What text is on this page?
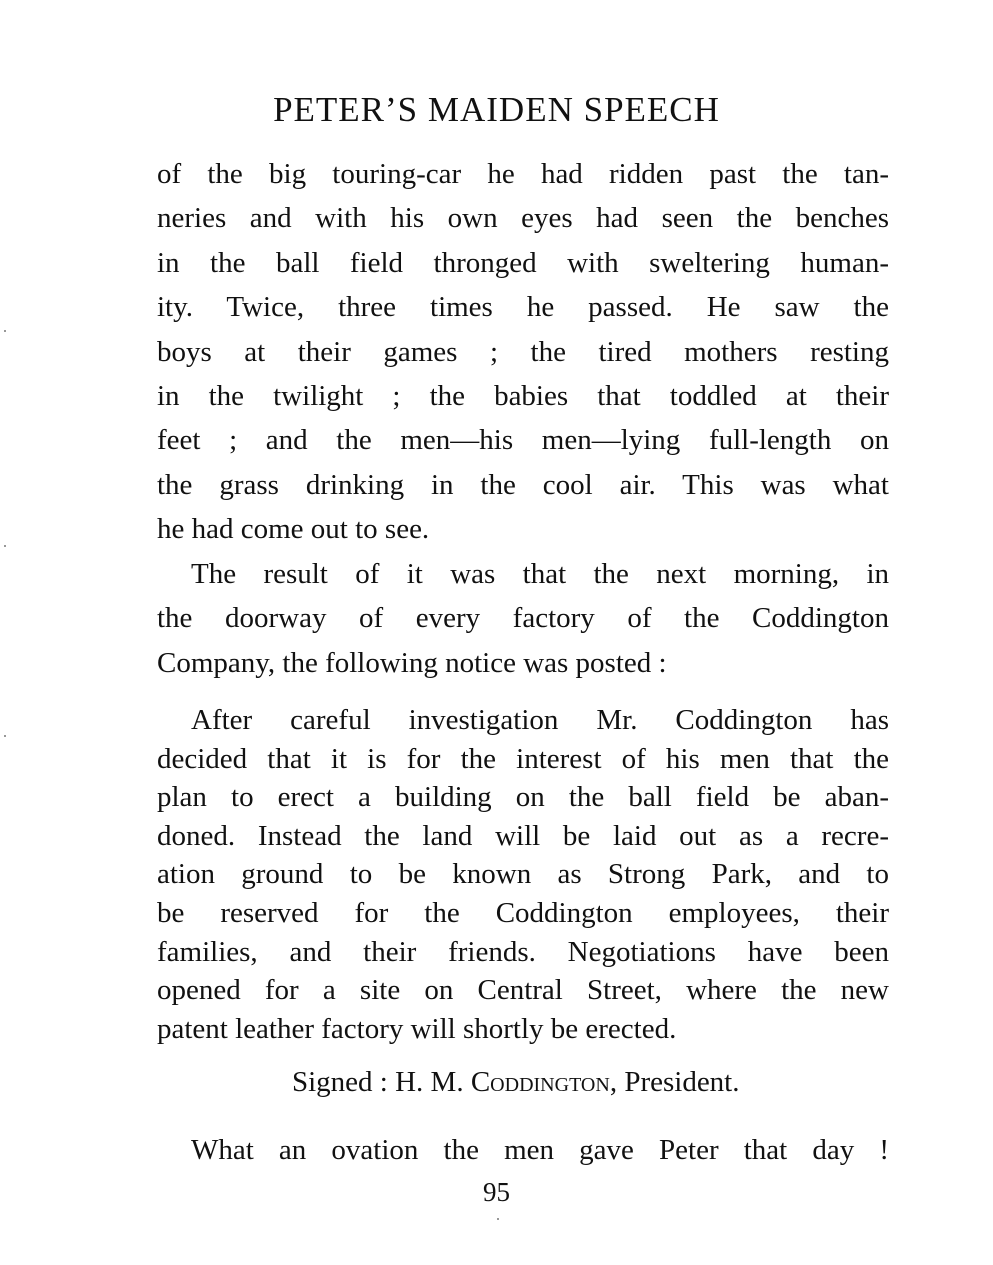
PETER’S MAIDEN SPEECH
of the big touring-car he had ridden past the tan-
neries and with his own eyes had seen the benches
in the ball field thronged with sweltering human-
ity. Twice, three times he passed. He saw the
boys at their games ; the tired mothers resting
in the twilight ; the babies that toddled at their
feet ; and the men—his men—lying full-length on
the grass drinking in the cool air. This was what
he had come out to see.
The result of it was that the next morning, in
the doorway of every factory of the Coddington
Company, the following notice was posted :
After careful investigation Mr. Coddington has
decided that it is for the interest of his men that the
plan to erect a building on the ball field be aban-
doned. Instead the land will be laid out as a recre-
ation ground to be known as Strong Park, and to
be reserved for the Coddington employees, their
families, and their friends. Negotiations have been
opened for a site on Central Street, where the new
patent leather factory will shortly be erected.
Signed : H. M. Coddington, President.
What an ovation the men gave Peter that day !
95
